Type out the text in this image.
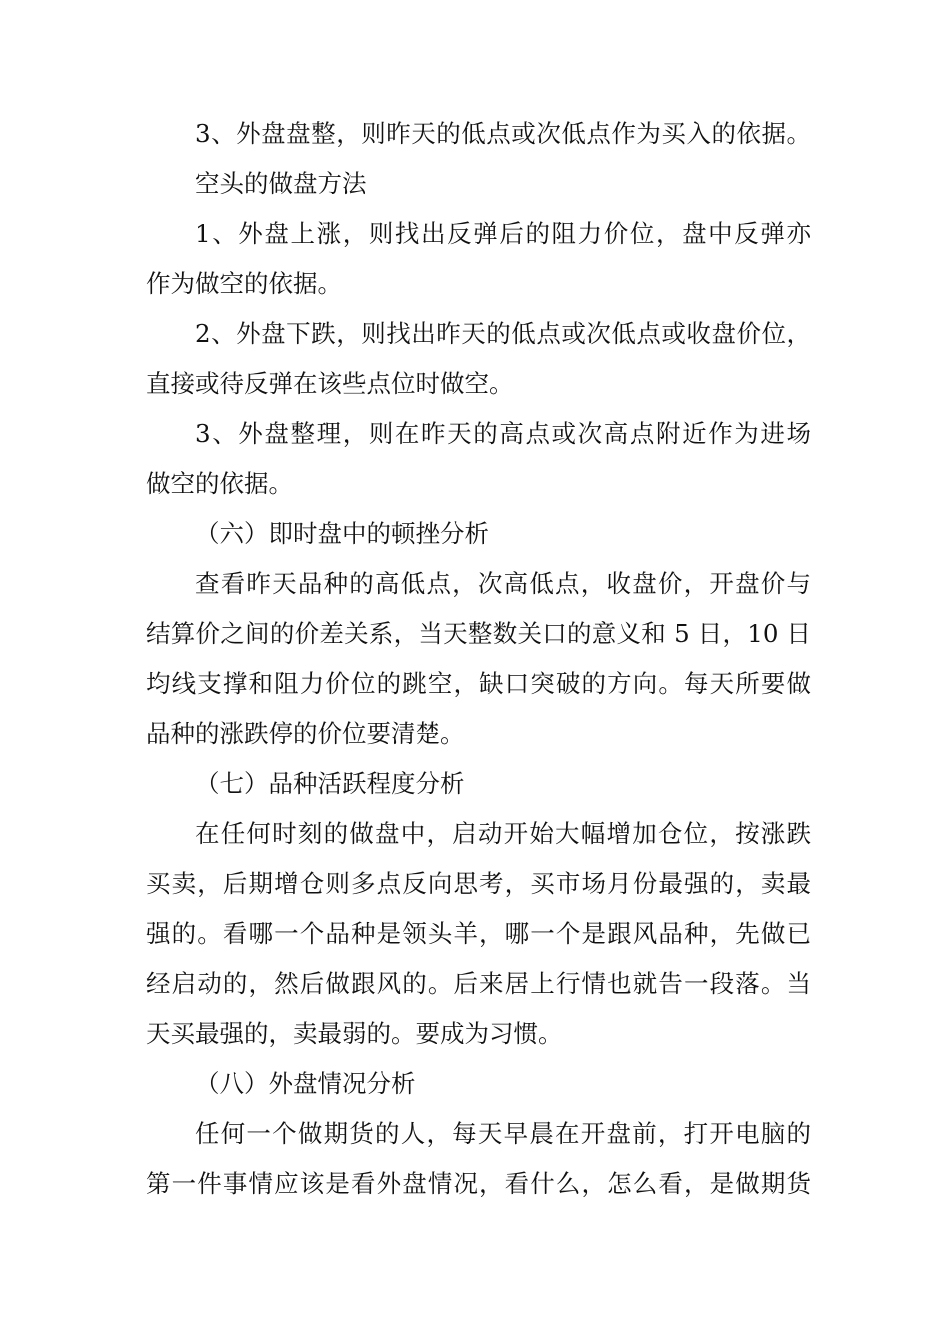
3、外盘盘整，则昨天的低点或次低点作为买入的依据。
空头的做盘方法
1、外盘上涨，则找出反弹后的阻力价位，盘中反弹亦
作为做空的依据。
2、外盘下跌，则找出昨天的低点或次低点或收盘价位，
直接或待反弹在该些点位时做空。
3、外盘整理，则在昨天的高点或次高点附近作为进场
做空的依据。
（六）即时盘中的顿挫分析
查看昨天品种的高低点，次高低点，收盘价，开盘价与
结算价之间的价差关系，当天整数关口的意义和 5 日，10 日
均线支撑和阻力价位的跳空，缺口突破的方向。每天所要做
品种的涨跌停的价位要清楚。
（七）品种活跃程度分析
在任何时刻的做盘中，启动开始大幅增加仓位，按涨跌
买卖，后期增仓则多点反向思考，买市场月份最强的，卖最
强的。看哪一个品种是领头羊，哪一个是跟风品种，先做已
经启动的，然后做跟风的。后来居上行情也就告一段落。当
天买最强的，卖最弱的。要成为习惯。
（八）外盘情况分析
任何一个做期货的人，每天早晨在开盘前，打开电脑的
第一件事情应该是看外盘情况，看什么，怎么看，是做期货
